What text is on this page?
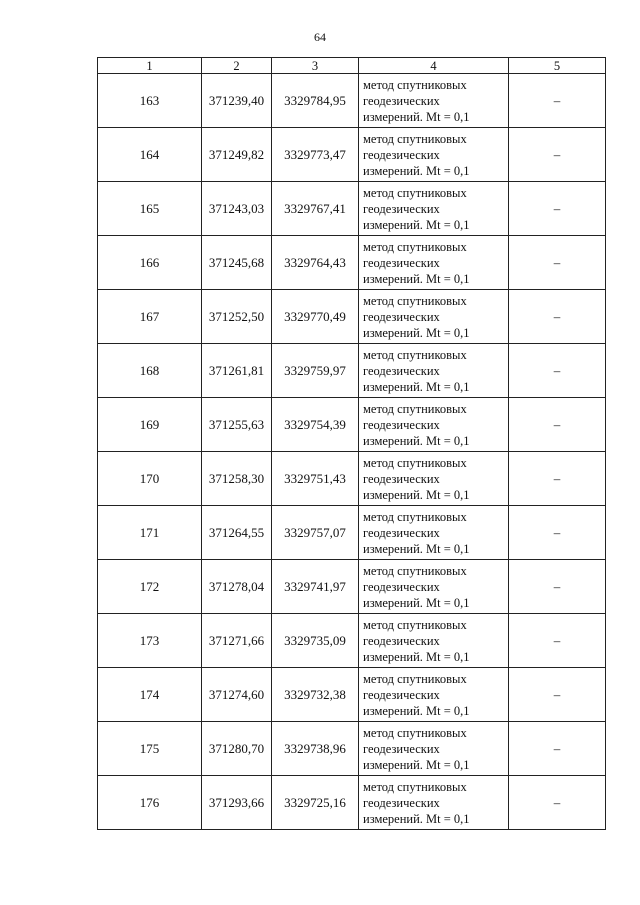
64
1	2	3	4	5
163	371239,40	3329784,95	метод спутниковых
геодезических
измерений. Mt = 0,1	–
164	371249,82	3329773,47	метод спутниковых
геодезических
измерений. Mt = 0,1	–
165	371243,03	3329767,41	метод спутниковых
геодезических
измерений. Mt = 0,1	–
166	371245,68	3329764,43	метод спутниковых
геодезических
измерений. Mt = 0,1	–
167	371252,50	3329770,49	метод спутниковых
геодезических
измерений. Mt = 0,1	–
168	371261,81	3329759,97	метод спутниковых
геодезических
измерений. Mt = 0,1	–
169	371255,63	3329754,39	метод спутниковых
геодезических
измерений. Mt = 0,1	–
170	371258,30	3329751,43	метод спутниковых
геодезических
измерений. Mt = 0,1	–
171	371264,55	3329757,07	метод спутниковых
геодезических
измерений. Mt = 0,1	–
172	371278,04	3329741,97	метод спутниковых
геодезических
измерений. Mt = 0,1	–
173	371271,66	3329735,09	метод спутниковых
геодезических
измерений. Mt = 0,1	–
174	371274,60	3329732,38	метод спутниковых
геодезических
измерений. Mt = 0,1	–
175	371280,70	3329738,96	метод спутниковых
геодезических
измерений. Mt = 0,1	–
176	371293,66	3329725,16	метод спутниковых
геодезических
измерений. Mt = 0,1	–
